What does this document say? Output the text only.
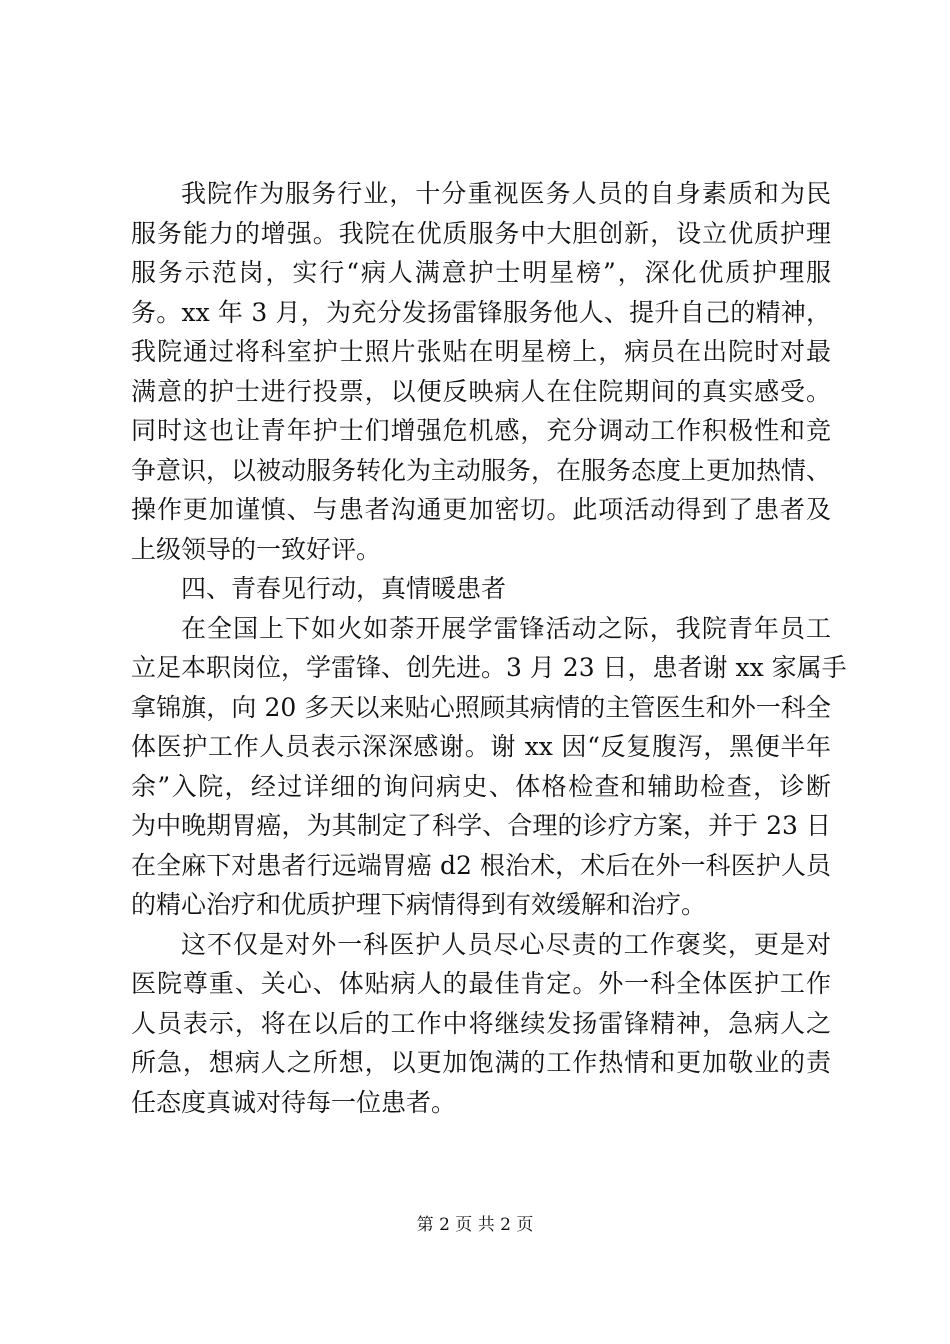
我院作为服务行业，十分重视医务人员的自身素质和为民
服务能力的增强。我院在优质服务中大胆创新，设立优质护理
服务示范岗，实行“病人满意护士明星榜”，深化优质护理服
务。xx 年 3 月，为充分发扬雷锋服务他人、提升自己的精神，
我院通过将科室护士照片张贴在明星榜上，病员在出院时对最
满意的护士进行投票，以便反映病人在住院期间的真实感受。
同时这也让青年护士们增强危机感，充分调动工作积极性和竞
争意识，以被动服务转化为主动服务，在服务态度上更加热情、
操作更加谨慎、与患者沟通更加密切。此项活动得到了患者及
上级领导的一致好评。
四、青春见行动，真情暖患者
在全国上下如火如荼开展学雷锋活动之际，我院青年员工
立足本职岗位，学雷锋、创先进。3 月 23 日，患者谢 xx 家属手
拿锦旗，向 20 多天以来贴心照顾其病情的主管医生和外一科全
体医护工作人员表示深深感谢。谢 xx 因“反复腹泻，黑便半年
余”入院，经过详细的询问病史、体格检查和辅助检查，诊断
为中晚期胃癌，为其制定了科学、合理的诊疗方案，并于 23 日
在全麻下对患者行远端胃癌 d2 根治术，术后在外一科医护人员
的精心治疗和优质护理下病情得到有效缓解和治疗。
这不仅是对外一科医护人员尽心尽责的工作褒奖，更是对
医院尊重、关心、体贴病人的最佳肯定。外一科全体医护工作
人员表示，将在以后的工作中将继续发扬雷锋精神，急病人之
所急，想病人之所想，以更加饱满的工作热情和更加敬业的责
任态度真诚对待每一位患者。
第 2 页 共 2 页
